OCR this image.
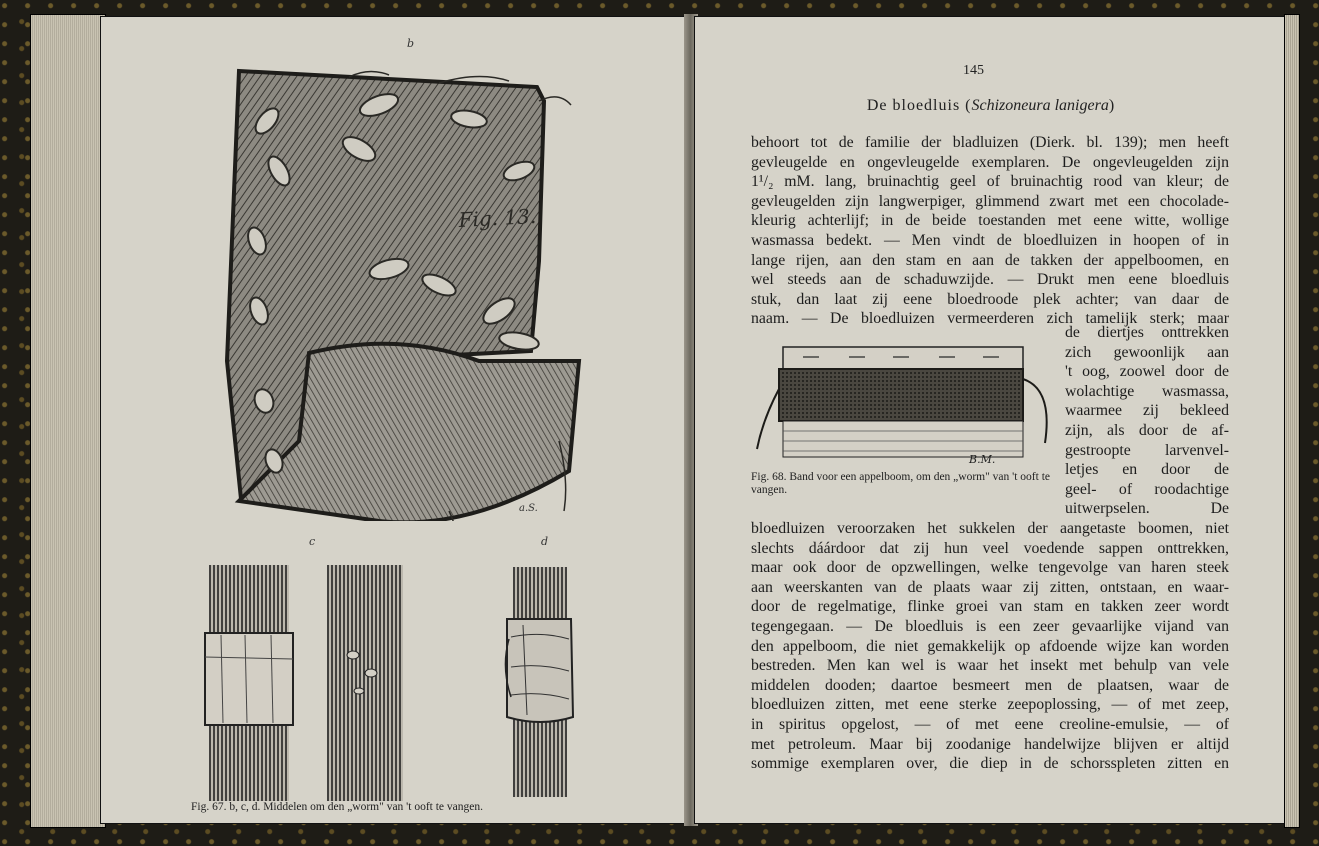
b
Fig. 13.
a.S.
c	d
Fig. 67. b, c, d. Middelen om den „worm" van 't ooft te vangen.
145
De bloedluis (Schizoneura lanigera)
behoort tot de familie der bladluizen (Dierk. bl. 139); men heeft
gevleugelde en ongevleugelde exemplaren. De ongevleugelden zijn
1¹/₂ mM. lang, bruinachtig geel of bruinachtig rood van kleur; de
gevleugelden zijn langwerpiger, glimmend zwart met een chocolade-
kleurig achterlijf; in de beide toestanden met eene witte, wollige
wasmassa bedekt. — Men vindt de bloedluizen in hoopen of in
lange rijen, aan den stam en aan de takken der appelboomen, en
wel steeds aan de schaduwzijde. — Drukt men eene bloedluis
stuk, dan laat zij eene bloedroode plek achter; van daar de
naam. — De bloedluizen vermeerderen zich tamelijk sterk; maar
B.M.
de diertjes onttrekken
zich gewoonlijk aan
't oog, zoowel door de
wolachtige wasmassa,
waarmee zij bekleed
zijn, als door de af-
gestroopte larvenvel-
letjes en door de
geel- of roodachtige
uitwerpselen. De
Fig. 68. Band voor een appelboom, om den „worm" van 't ooft te vangen.
bloedluizen veroorzaken het sukkelen der aangetaste boomen, niet
slechts dáárdoor dat zij hun veel voedende sappen onttrekken,
maar ook door de opzwellingen, welke tengevolge van haren steek
aan weerskanten van de plaats waar zij zitten, ontstaan, en waar-
door de regelmatige, flinke groei van stam en takken zeer wordt
tegengegaan. — De bloedluis is een zeer gevaarlijke vijand van
den appelboom, die niet gemakkelijk op afdoende wijze kan worden
bestreden. Men kan wel is waar het insekt met behulp van vele
middelen dooden; daartoe besmeert men de plaatsen, waar de
bloedluizen zitten, met eene sterke zeepoplossing, — of met zeep,
in spiritus opgelost, — of met eene creoline-emulsie, — of
met petroleum. Maar bij zoodanige handelwijze blijven er altijd
sommige exemplaren over, die diep in de schorsspleten zitten en
